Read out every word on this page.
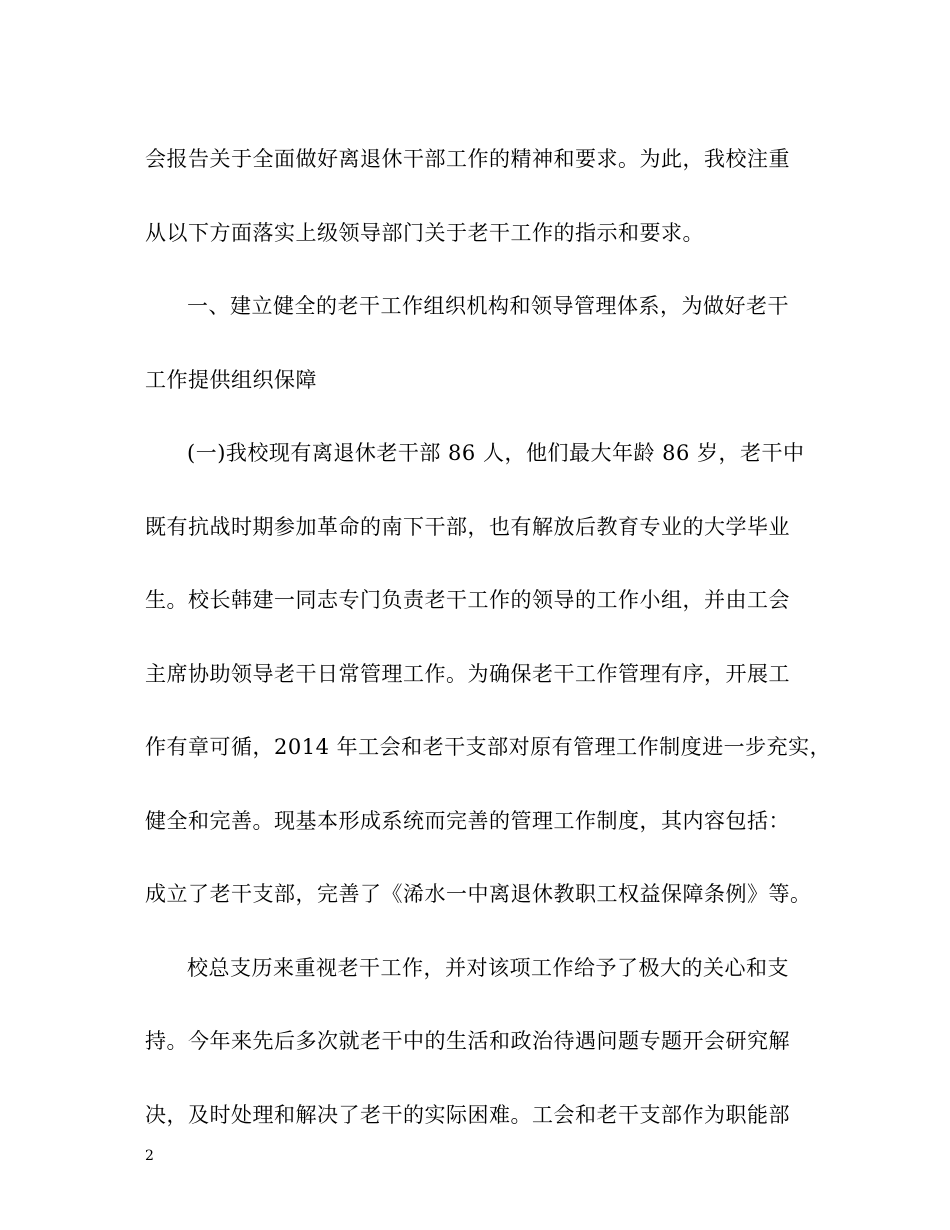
会报告关于全面做好离退休干部工作的精神和要求。为此，我校注重
从以下方面落实上级领导部门关于老干工作的指示和要求。
一、建立健全的老干工作组织机构和领导管理体系，为做好老干
工作提供组织保障
(一)我校现有离退休老干部 86 人，他们最大年龄 86 岁，老干中
既有抗战时期参加革命的南下干部，也有解放后教育专业的大学毕业
生。校长韩建一同志专门负责老干工作的领导的工作小组，并由工会
主席协助领导老干日常管理工作。为确保老干工作管理有序，开展工
作有章可循，2014 年工会和老干支部对原有管理工作制度进一步充实，
健全和完善。现基本形成系统而完善的管理工作制度，其内容包括：
成立了老干支部，完善了《浠水一中离退休教职工权益保障条例》等。
校总支历来重视老干工作，并对该项工作给予了极大的关心和支
持。今年来先后多次就老干中的生活和政治待遇问题专题开会研究解
决，及时处理和解决了老干的实际困难。工会和老干支部作为职能部
2
